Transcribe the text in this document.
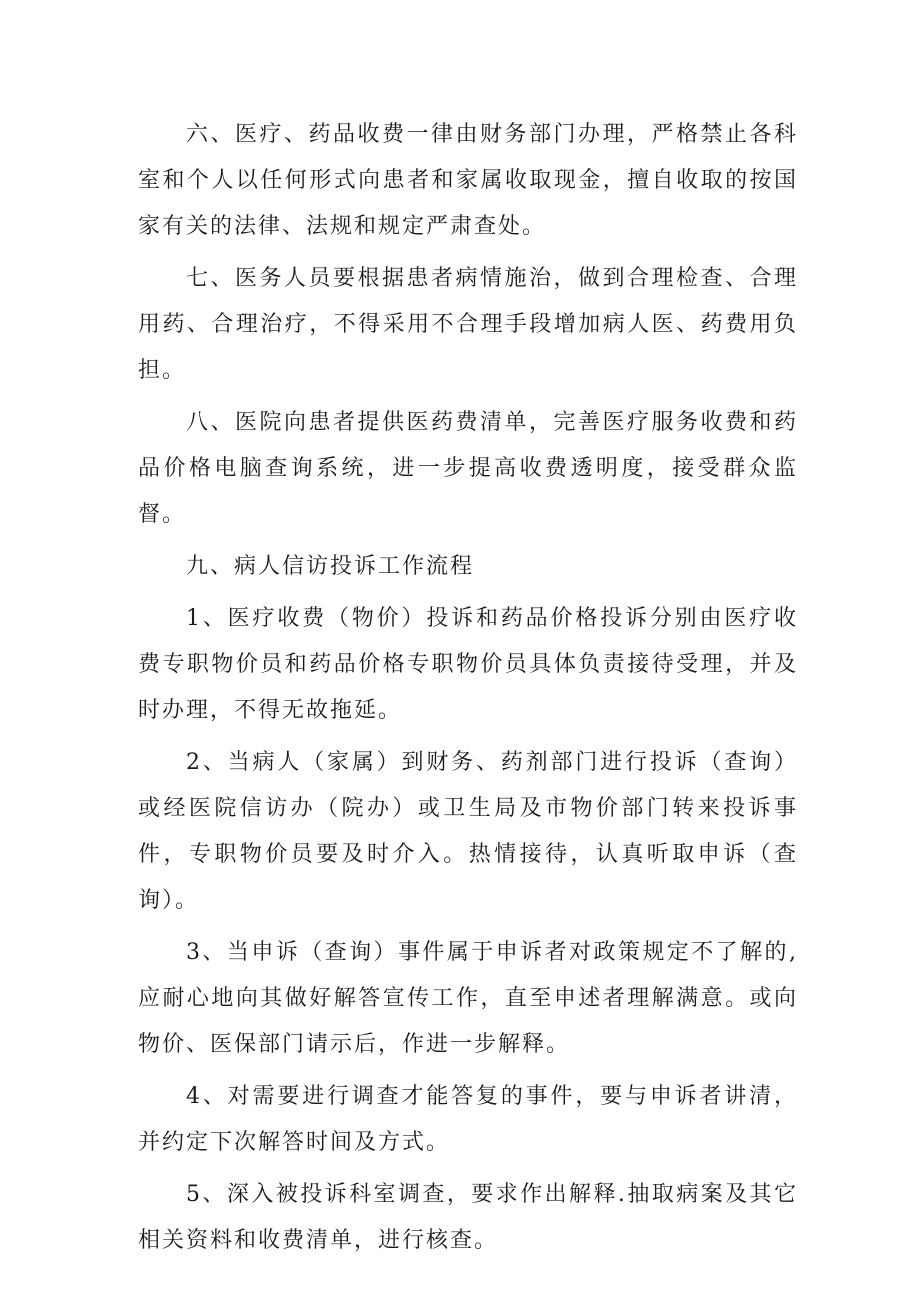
六、医疗、药品收费一律由财务部门办理，严格禁止各科室和个人以任何形式向患者和家属收取现金，擅自收取的按国家有关的法律、法规和规定严肃查处。

七、医务人员要根据患者病情施治，做到合理检查、合理用药、合理治疗，不得采用不合理手段增加病人医、药费用负担。

八、医院向患者提供医药费清单，完善医疗服务收费和药品价格电脑查询系统，进一步提高收费透明度，接受群众监督。

九、病人信访投诉工作流程

1、医疗收费（物价）投诉和药品价格投诉分别由医疗收费专职物价员和药品价格专职物价员具体负责接待受理，并及时办理，不得无故拖延。

2、当病人（家属）到财务、药剂部门进行投诉（查询）或经医院信访办（院办）或卫生局及市物价部门转来投诉事件，专职物价员要及时介入。热情接待，认真听取申诉（查询）。

3、当申诉（查询）事件属于申诉者对政策规定不了解的,应耐心地向其做好解答宣传工作，直至申述者理解满意。或向物价、医保部门请示后，作进一步解释。

4、对需要进行调查才能答复的事件，要与申诉者讲清，并约定下次解答时间及方式。

5、深入被投诉科室调查，要求作出解释.抽取病案及其它相关资料和收费清单，进行核查。
